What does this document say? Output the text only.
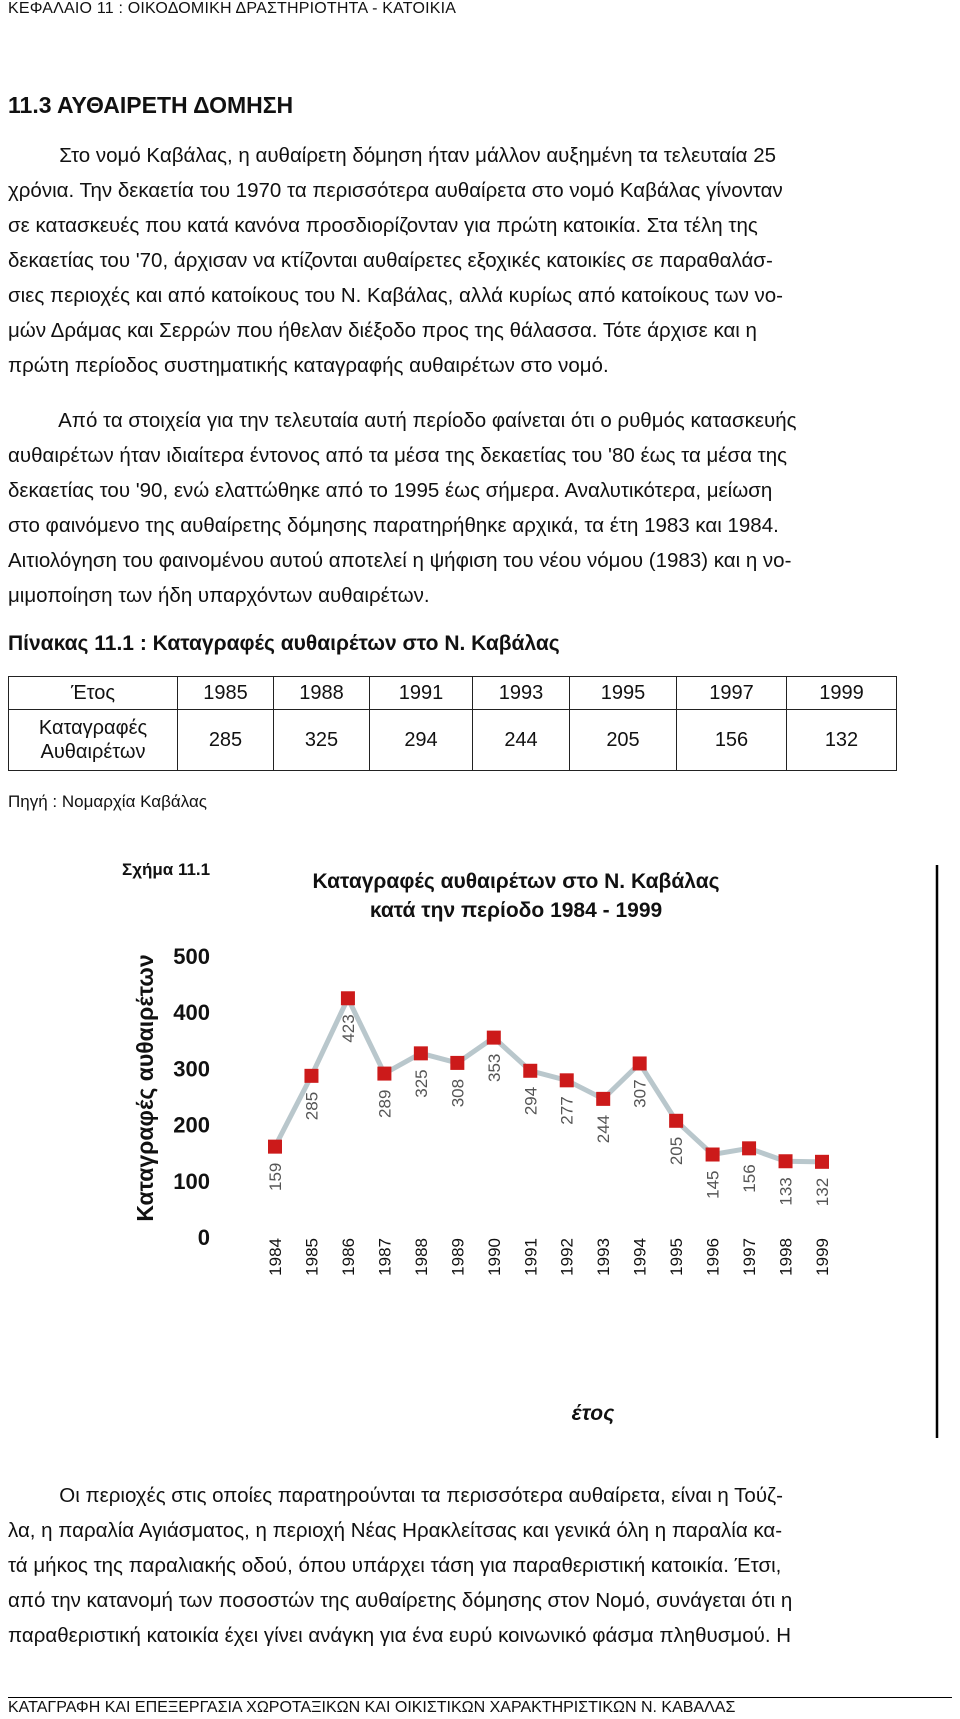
ΚΕΦΑΛΑΙΟ 11 : ΟΙΚΟΔΟΜΙΚΗ ΔΡΑΣΤΗΡΙΟΤΗΤΑ - ΚΑΤΟΙΚΙΑ
11.3 ΑΥΘΑΙΡΕΤΗ ΔΟΜΗΣΗ

Στο νομό Καβάλας, η αυθαίρετη δόμηση ήταν μάλλον αυξημένη τα τελευταία 25
χρόνια. Την δεκαετία του 1970 τα περισσότερα αυθαίρετα στο νομό Καβάλας γίνονταν
σε κατασκευές που κατά κανόνα προσδιορίζονταν για πρώτη κατοικία. Στα τέλη της
δεκαετίας του '70, άρχισαν να κτίζονται αυθαίρετες εξοχικές κατοικίες σε παραθαλάσ-
σιες περιοχές και από κατοίκους του Ν. Καβάλας, αλλά κυρίως από κατοίκους των νο-
μών Δράμας και Σερρών που ήθελαν διέξοδο προς της θάλασσα. Τότε άρχισε και η
πρώτη περίοδος συστηματικής καταγραφής αυθαιρέτων στο νομό.

Από τα στοιχεία για την τελευταία αυτή περίοδο φαίνεται ότι ο ρυθμός κατασκευής
αυθαιρέτων ήταν ιδιαίτερα έντονος από τα μέσα της δεκαετίας του '80 έως τα μέσα της
δεκαετίας του '90, ενώ ελαττώθηκε από το 1995 έως σήμερα. Αναλυτικότερα, μείωση
στο φαινόμενο της αυθαίρετης δόμησης παρατηρήθηκε αρχικά, τα έτη 1983 και 1984.
Αιτιολόγηση του φαινομένου αυτού αποτελεί η ψήφιση του νέου νόμου (1983) και η νο-
μιμοποίηση των ήδη υπαρχόντων αυθαιρέτων.

Πίνακας 11.1 : Καταγραφές αυθαιρέτων στο Ν. Καβάλας
Έτος	1985	1988	1991	1993	1995	1997	1999
Καταγραφές
Αυθαιρέτων	285	325	294	244	205	156	132
Πηγή : Νομαρχία Καβάλας
Καταγραφές αυθαιρέτων στο Ν. Καβάλας
κατά την περίοδο 1984 - 1999
Καταγραφές αυθαιρέτων
έτος
0
100
200
300
400
500
1984 1985 1986 1987 1988 1989 1990 1991 1992 1993 1994 1995 1996 1997 1998 1999
159
285
423
289
325 308
353
294 277
244
307
205
145 156 133 132
Σχήμα 11.1

Οι περιοχές στις οποίες παρατηρούνται τα περισσότερα αυθαίρετα, είναι η Τούζ-
λα, η παραλία Αγιάσματος, η περιοχή Νέας Ηρακλείτσας και γενικά όλη η παραλία κα-
τά μήκος της παραλιακής οδού, όπου υπάρχει τάση για παραθεριστική κατοικία. Έτσι,
από την κατανομή των ποσοστών της αυθαίρετης δόμησης στον Νομό, συνάγεται ότι η
παραθεριστική κατοικία έχει γίνει ανάγκη για ένα ευρύ κοινωνικό φάσμα πληθυσμού. Η

ΚΑΤΑΓΡΑΦΗ ΚΑΙ ΕΠΕΞΕΡΓΑΣΙΑ ΧΩΡΟΤΑΞΙΚΩΝ ΚΑΙ ΟΙΚΙΣΤΙΚΩΝ ΧΑΡΑΚΤΗΡΙΣΤΙΚΩΝ Ν. ΚΑΒΑΛΑΣ
